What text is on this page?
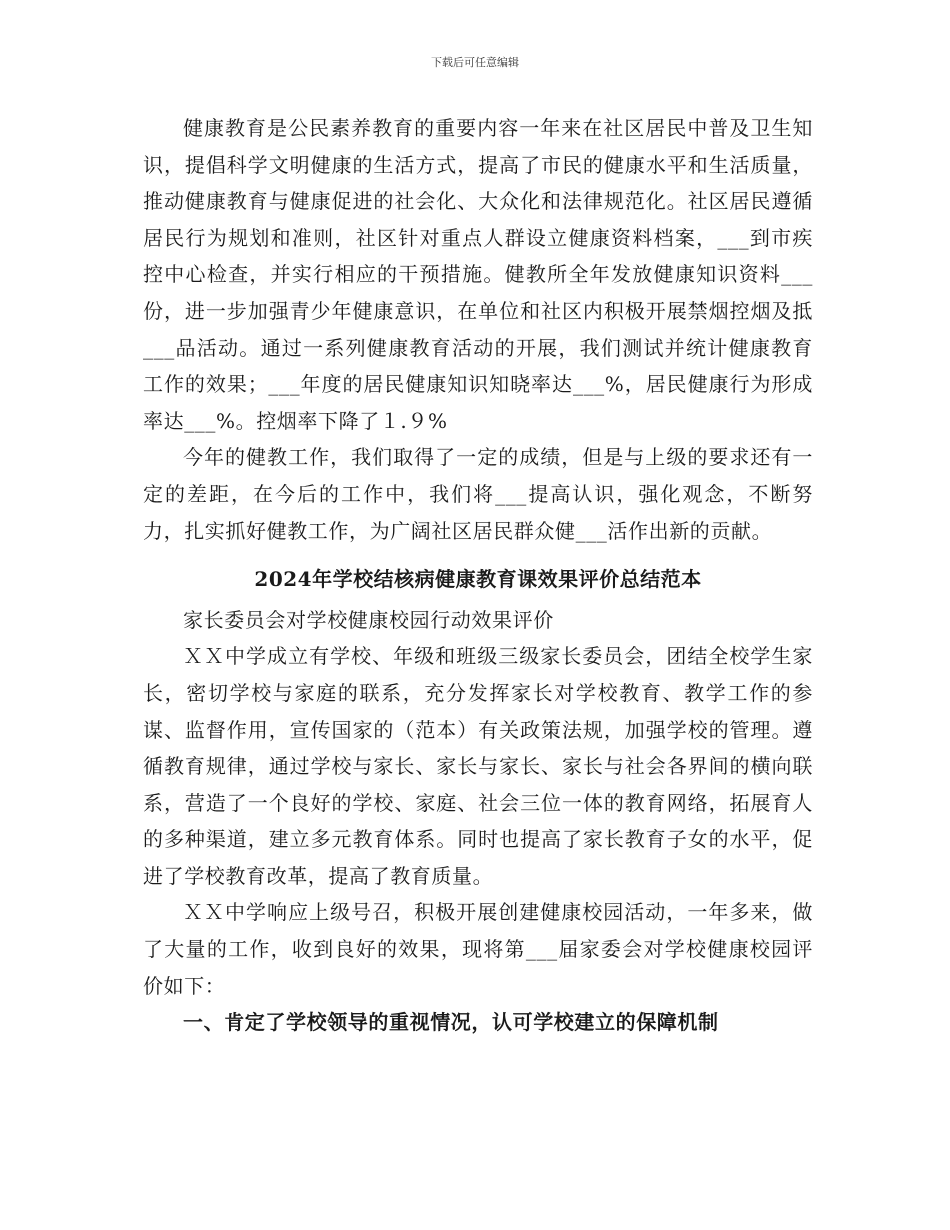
下载后可任意编辑

健康教育是公民素养教育的重要内容一年来在社区居民中普及卫生知识，提倡科学文明健康的生活方式，提高了市民的健康水平和生活质量，推动健康教育与健康促进的社会化、大众化和法律规范化。社区居民遵循居民行为规划和准则，社区针对重点人群设立健康资料档案，___到市疾控中心检查，并实行相应的干预措施。健教所全年发放健康知识资料___份，进一步加强青少年健康意识，在单位和社区内积极开展禁烟控烟及抵___品活动。通过一系列健康教育活动的开展，我们测试并统计健康教育工作的效果；___年度的居民健康知识知晓率达___%，居民健康行为形成率达___%。控烟率下降了１.９%

今年的健教工作，我们取得了一定的成绩，但是与上级的要求还有一定的差距，在今后的工作中，我们将___提高认识，强化观念，不断努力，扎实抓好健教工作，为广阔社区居民群众健___活作出新的贡献。

2024年学校结核病健康教育课效果评价总结范本

家长委员会对学校健康校园行动效果评价

ＸＸ中学成立有学校、年级和班级三级家长委员会，团结全校学生家长，密切学校与家庭的联系，充分发挥家长对学校教育、教学工作的参谋、监督作用，宣传国家的（范本）有关政策法规，加强学校的管理。遵循教育规律，通过学校与家长、家长与家长、家长与社会各界间的横向联系，营造了一个良好的学校、家庭、社会三位一体的教育网络，拓展育人的多种渠道，建立多元教育体系。同时也提高了家长教育子女的水平，促进了学校教育改革，提高了教育质量。

ＸＸ中学响应上级号召，积极开展创建健康校园活动，一年多来，做了大量的工作，收到良好的效果，现将第___届家委会对学校健康校园评价如下：

一、肯定了学校领导的重视情况，认可学校建立的保障机制
